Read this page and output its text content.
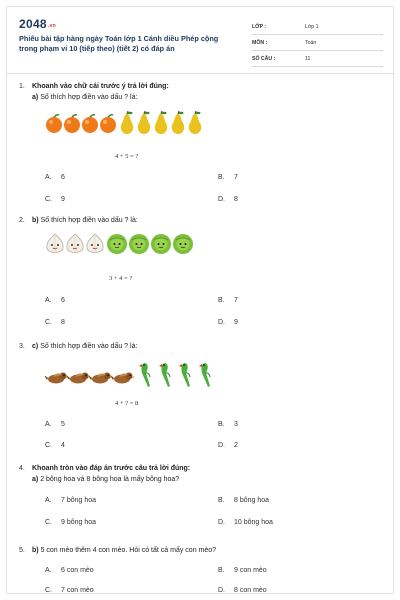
2048.vn
Phiếu bài tập hàng ngày Toán lớp 1 Cánh diều Phép cộng trong phạm vi 10 (tiếp theo) (tiết 2) có đáp án
LỚP :	Lớp 1
MÔN :	Toán
SỐ CÂU :	11
1. Khoanh vào chữ cái trước ý trả lời đúng:
a) Số thích hợp điền vào dấu ? là:
4 + 5 = ?
A. 6	B. 7
C. 9	D. 8
2. b) Số thích hợp điền vào dấu ? là:
3 + 4 = ?
A. 6	B. 7
C. 8	D. 9
3. c) Số thích hợp điền vào dấu ? là:
4 + ? = 8
A. 5	B. 3
C. 4	D. 2
4. Khoanh tròn vào đáp án trước câu trả lời đúng:
a) 2 bông hoa và 8 bông hoa là mấy bông hoa?
A. 7 bông hoa	B. 8 bông hoa
C. 9 bông hoa	D. 10 bông hoa
5. b) 5 con mèo thêm 4 con mèo. Hỏi có tất cả mấy con mèo?
A. 6 con mèo	B. 9 con mèo
C. 7 con mèo	D. 8 con mèo
